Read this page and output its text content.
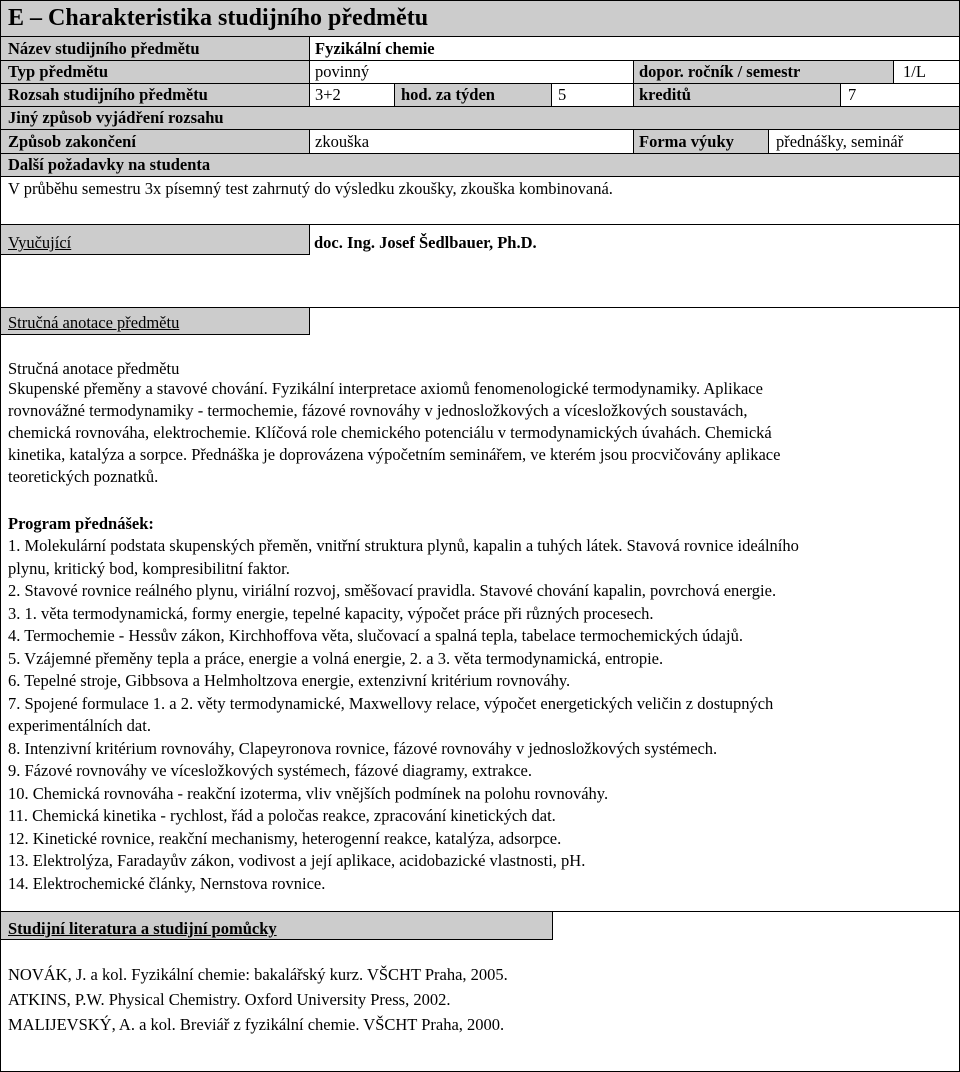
E – Charakteristika studijního předmětu
Název studijního předmětu	Fyzikální chemie
Typ předmětu	povinný	dopor. ročník / semestr	1/L
Rozsah studijního předmětu	3+2	hod. za týden	5	kreditů	7
Jiný způsob vyjádření rozsahu
Způsob zakončení	zkouška	Forma výuky	přednášky, seminář
Další požadavky na studenta
V průběhu semestru 3x písemný test zahrnutý do výsledku zkoušky, zkouška kombinovaná.
Vyučující	doc. Ing. Josef Šedlbauer, Ph.D.
Stručná anotace předmětu
Stručná anotace předmětu
Skupenské přeměny a stavové chování. Fyzikální interpretace axiomů fenomenologické termodynamiky. Aplikace
rovnovážné termodynamiky - termochemie, fázové rovnováhy v jednosložkových a vícesložkových soustavách,
chemická rovnováha, elektrochemie. Klíčová role chemického potenciálu v termodynamických úvahách. Chemická
kinetika, katalýza a sorpce. Přednáška je doprovázena výpočetním seminářem, ve kterém jsou procvičovány aplikace
teoretických poznatků.
Program přednášek:
1. Molekulární podstata skupenských přeměn, vnitřní struktura plynů, kapalin a tuhých látek. Stavová rovnice ideálního
plynu, kritický bod, kompresibilitní faktor.
2. Stavové rovnice reálného plynu, viriální rozvoj, směšovací pravidla. Stavové chování kapalin, povrchová energie.
3. 1. věta termodynamická, formy energie, tepelné kapacity, výpočet práce při různých procesech.
4. Termochemie - Hessův zákon, Kirchhoffova věta, slučovací a spalná tepla, tabelace termochemických údajů.
5. Vzájemné přeměny tepla a práce, energie a volná energie, 2. a 3. věta termodynamická, entropie.
6. Tepelné stroje, Gibbsova a Helmholtzova energie, extenzivní kritérium rovnováhy.
7. Spojené formulace 1. a 2. věty termodynamické, Maxwellovy relace, výpočet energetických veličin z dostupných
experimentálních dat.
8. Intenzivní kritérium rovnováhy, Clapeyronova rovnice, fázové rovnováhy v jednosložkových systémech.
9. Fázové rovnováhy ve vícesložkových systémech, fázové diagramy, extrakce.
10. Chemická rovnováha - reakční izoterma, vliv vnějších podmínek na polohu rovnováhy.
11. Chemická kinetika - rychlost, řád a poločas reakce, zpracování kinetických dat.
12. Kinetické rovnice, reakční mechanismy, heterogenní reakce, katalýza, adsorpce.
13. Elektrolýza, Faradayův zákon, vodivost a její aplikace, acidobazické vlastnosti, pH.
14. Elektrochemické články, Nernstova rovnice.
Studijní literatura a studijní pomůcky
NOVÁK, J. a kol. Fyzikální chemie: bakalářský kurz. VŠCHT Praha, 2005.
ATKINS, P.W. Physical Chemistry. Oxford University Press, 2002.
MALIJEVSKÝ, A. a kol. Breviář z fyzikální chemie. VŠCHT Praha, 2000.
